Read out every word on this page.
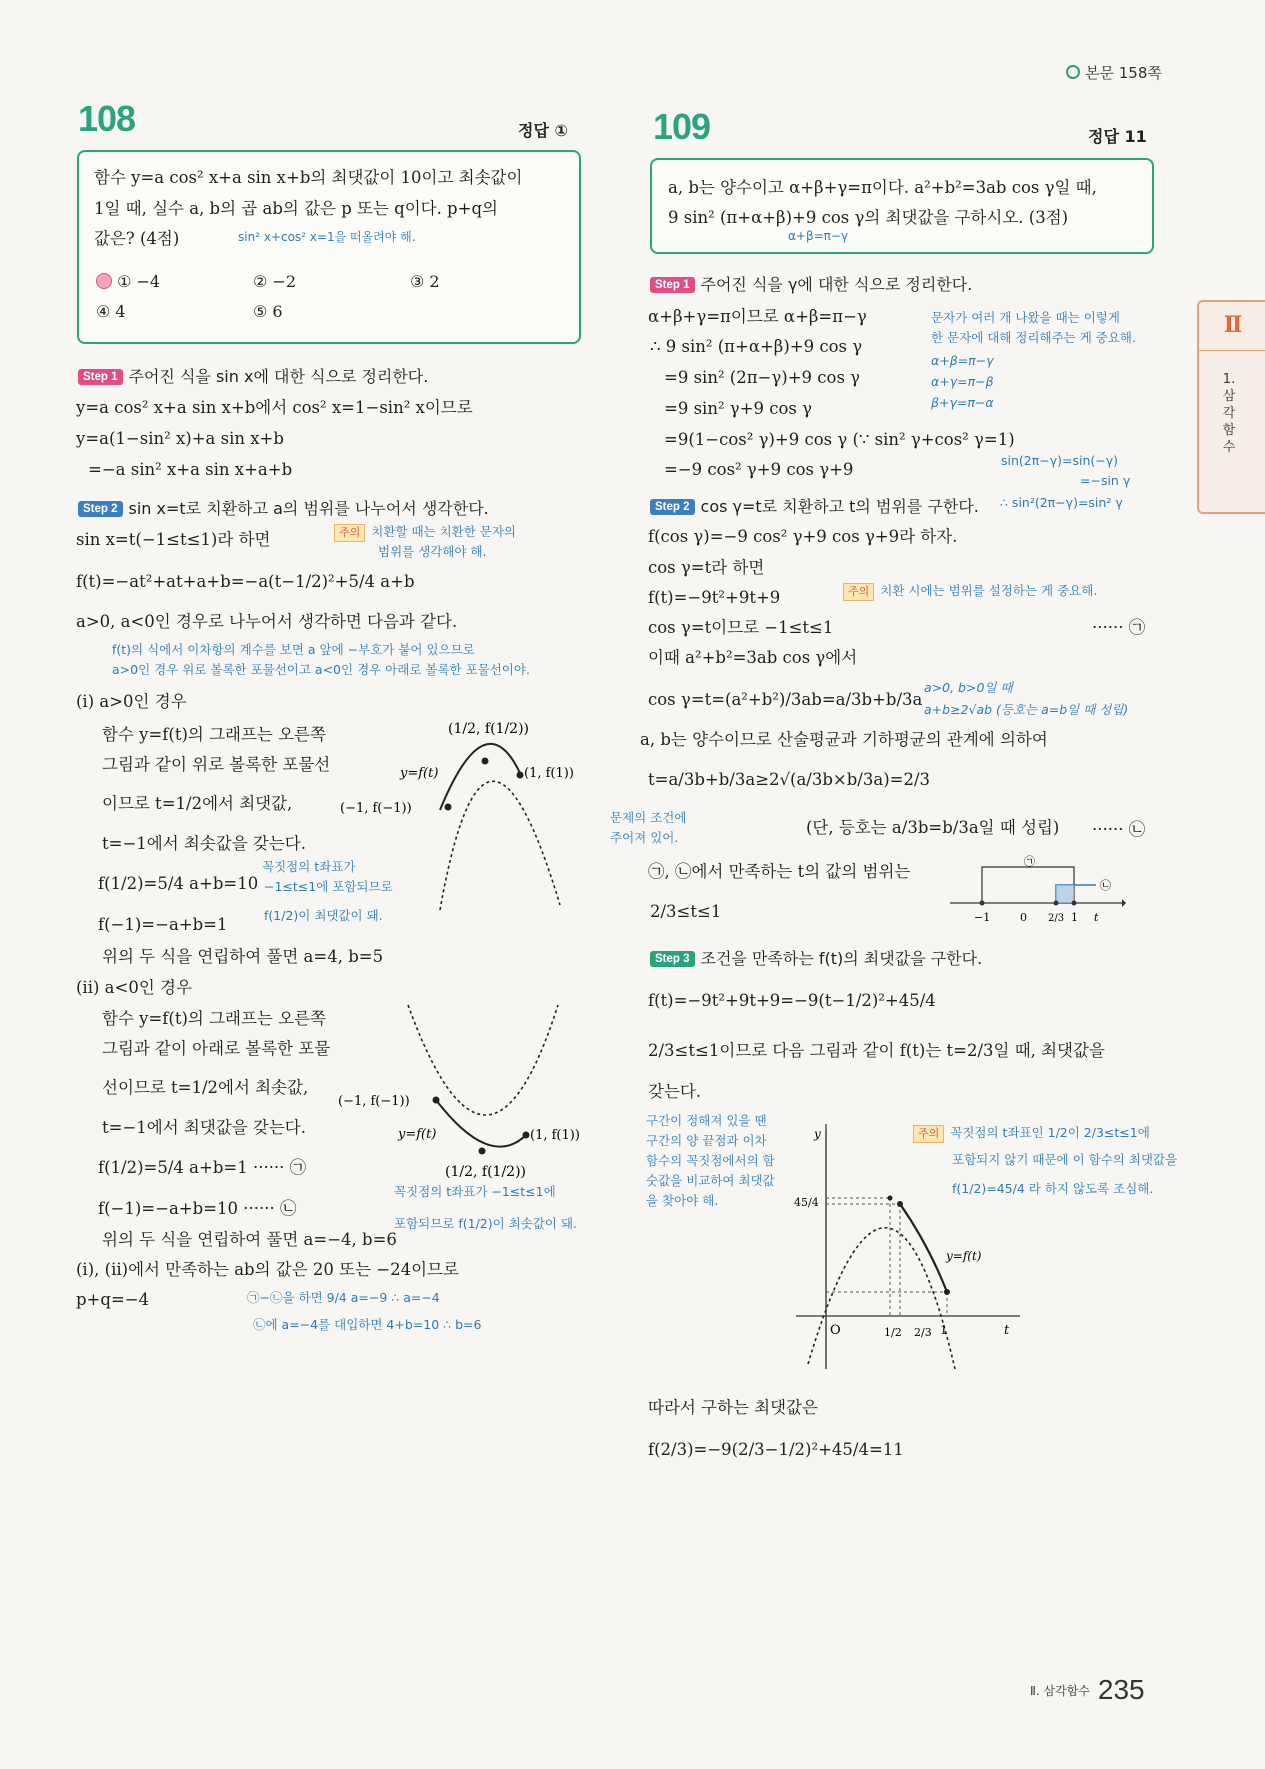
본문 158쪽
Ⅱ
1. 삼각함수
108	정답 ①
함수 y=a cos² x+a sin x+b의 최댓값이 10이고 최솟값이
1일 때, 실수 a, b의 곱 ab의 값은 p 또는 q이다. p+q의
값은? (4점)	sin² x+cos² x=1을 떠올려야 해.
① −4	② −2	③ 2
④ 4	⑤ 6
Step 1 주어진 식을 sin x에 대한 식으로 정리한다.
y=a cos² x+a sin x+b에서 cos² x=1−sin² x이므로
y=a(1−sin² x)+a sin x+b
=−a sin² x+a sin x+a+b
Step 2 sin x=t로 치환하고 a의 범위를 나누어서 생각한다.
sin x=t(−1≤t≤1)라 하면	주의 치환할 때는 치환한 문자의
범위를 생각해야 해.
f(t)=−at²+at+a+b=−a(t−1/2)²+5/4 a+b
a>0, a<0인 경우로 나누어서 생각하면 다음과 같다.
f(t)의 식에서 이차항의 계수를 보면 a 앞에 −부호가 붙어 있으므로
a>0인 경우 위로 볼록한 포물선이고 a<0인 경우 아래로 볼록한 포물선이야.
(i) a>0인 경우
함수 y=f(t)의 그래프는 오른쪽
그림과 같이 위로 볼록한 포물선
이므로 t=1/2에서 최댓값,
t=−1에서 최솟값을 갖는다.
꼭짓점의 t좌표가
−1≤t≤1에 포함되므로
f(1/2)=5/4 a+b=10
f(1/2)이 최댓값이 돼.
f(−1)=−a+b=1
위의 두 식을 연립하여 풀면 a=4, b=5
(1/2, f(1/2))
(−1, f(−1))
(1, f(1))
y=f(t)
(ii) a<0인 경우
함수 y=f(t)의 그래프는 오른쪽
그림과 같이 아래로 볼록한 포물
선이므로 t=1/2에서 최솟값,
t=−1에서 최댓값을 갖는다.
f(1/2)=5/4 a+b=1 ······ ㉠
f(−1)=−a+b=10 ······ ㉡
꼭짓점의 t좌표가 −1≤t≤1에
포함되므로 f(1/2)이 최솟값이 돼.
위의 두 식을 연립하여 풀면 a=−4, b=6
(−1, f(−1))
(1, f(1))
y=f(t)
(1/2, f(1/2))
(i), (ii)에서 만족하는 ab의 값은 20 또는 −24이므로
p+q=−4	㉠−㉡을 하면 9/4 a=−9 ∴ a=−4
㉡에 a=−4를 대입하면 4+b=10 ∴ b=6
109	정답 11
a, b는 양수이고 α+β+γ=π이다. a²+b²=3ab cos γ일 때,
9 sin² (π+α+β)+9 cos γ의 최댓값을 구하시오. (3점)
α+β=π−γ
Step 1 주어진 식을 γ에 대한 식으로 정리한다.
α+β+γ=π이므로 α+β=π−γ
∴ 9 sin² (π+α+β)+9 cos γ
=9 sin² (2π−γ)+9 cos γ
=9 sin² γ+9 cos γ
=9(1−cos² γ)+9 cos γ (∵ sin² γ+cos² γ=1)
=−9 cos² γ+9 cos γ+9
문자가 여러 개 나왔을 때는 이렇게
한 문자에 대해 정리해주는 게 중요해.
α+β=π−γ
α+γ=π−β
β+γ=π−α
sin(2π−γ)=sin(−γ)
=−sin γ
Step 2 cos γ=t로 치환하고 t의 범위를 구한다. ∴ sin²(2π−γ)=sin² γ
f(cos γ)=−9 cos² γ+9 cos γ+9라 하자.
cos γ=t라 하면
f(t)=−9t²+9t+9	주의 치환 시에는 범위를 설정하는 게 중요해.
cos γ=t이므로 −1≤t≤1	······ ㉠
이때 a²+b²=3ab cos γ에서
cos γ=t=(a²+b²)/3ab=a/3b+b/3a
a>0, b>0일 때
a+b≥2√ab (등호는 a=b일 때 성립)
a, b는 양수이므로 산술평균과 기하평균의 관계에 의하여
t=a/3b+b/3a≥2√(a/3b×b/3a)=2/3
문제의 조건에
주어져 있어.
(단, 등호는 a/3b=b/3a일 때 성립) ······ ㉡
㉠, ㉡에서 만족하는 t의 값의 범위는
2/3≤t≤1	−1	0 2/3 1 t
㉠
㉡
Step 3 조건을 만족하는 f(t)의 최댓값을 구한다.
f(t)=−9t²+9t+9=−9(t−1/2)²+45/4
2/3≤t≤1이므로 다음 그림과 같이 f(t)는 t=2/3일 때, 최댓값을
갖는다.
구간이 정해져 있을 땐
구간의 양 끝점과 이차
함수의 꼭짓점에서의 함
숫값을 비교하여 최댓값
을 찾아야 해.
주의 꼭짓점의 t좌표인 1/2이 2/3≤t≤1에
포함되지 않기 때문에 이 함수의 최댓값을
f(1/2)=45/4 라 하지 않도록 조심해.
y
45/4
O	1/2 2/3 1	t
y=f(t)
따라서 구하는 최댓값은
f(2/3)=−9(2/3−1/2)²+45/4=11
Ⅱ. 삼각함수 235
